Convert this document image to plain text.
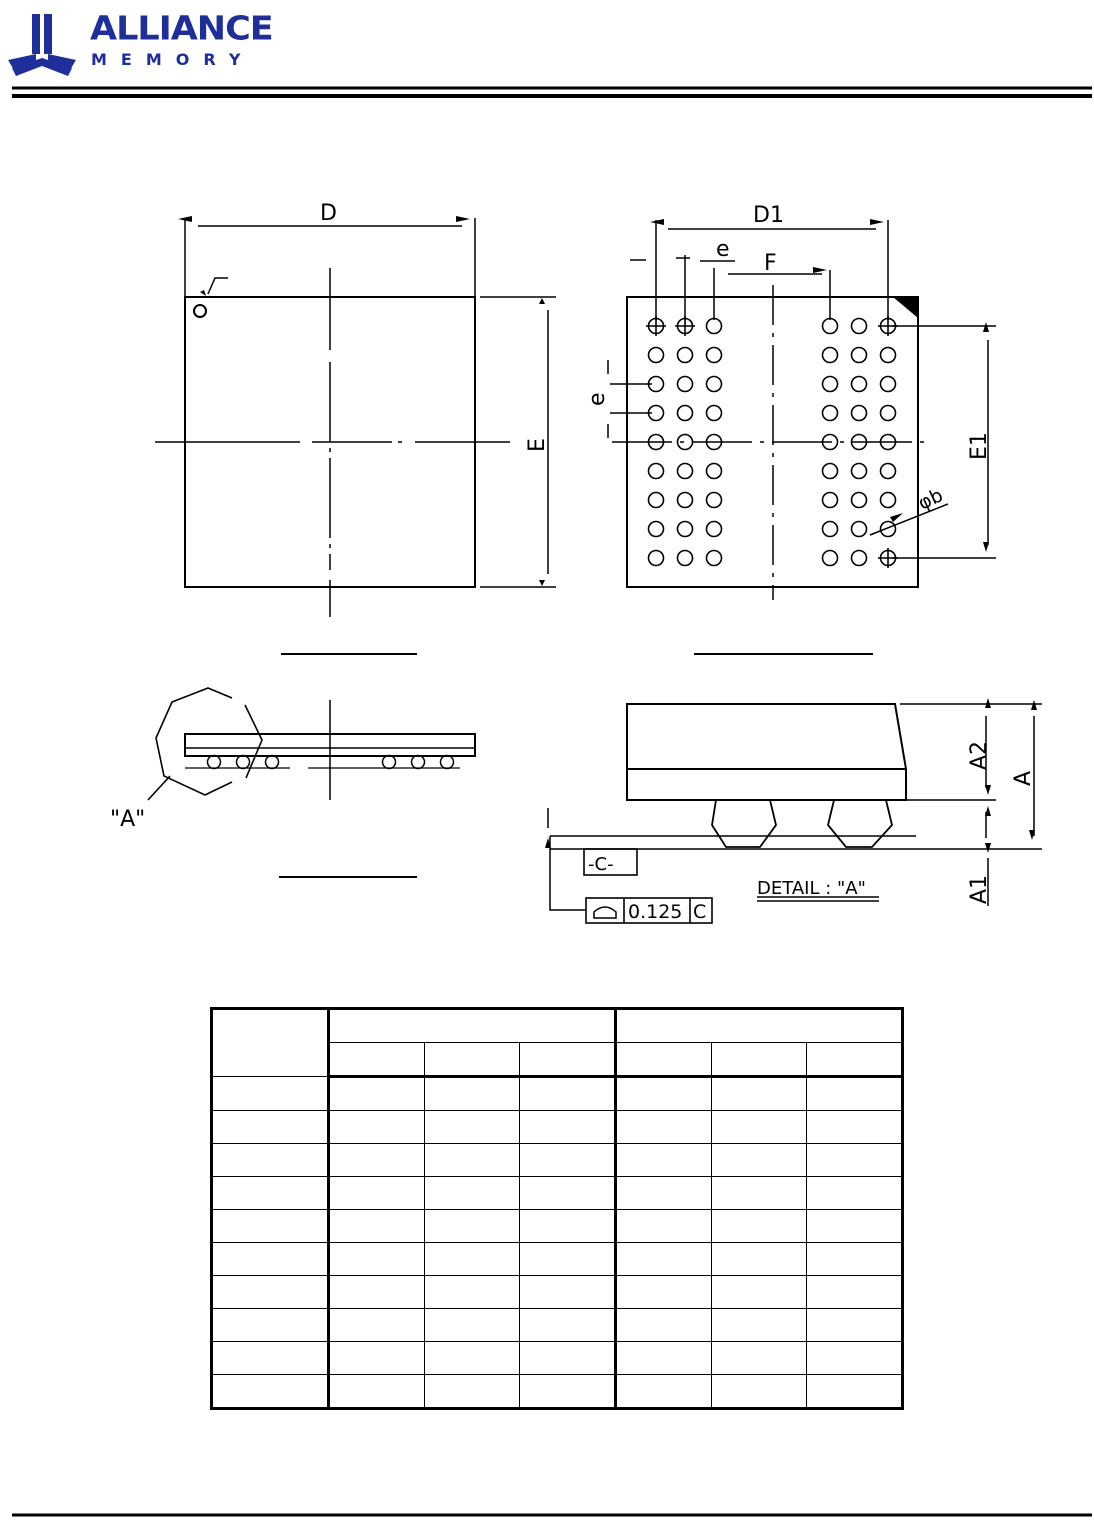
ALLIANCE
MEMORY
D
E
D1
e
F
e
E1
φb
"A"
-C-
0.125 C
DETAIL : "A"
A2
A
A1
